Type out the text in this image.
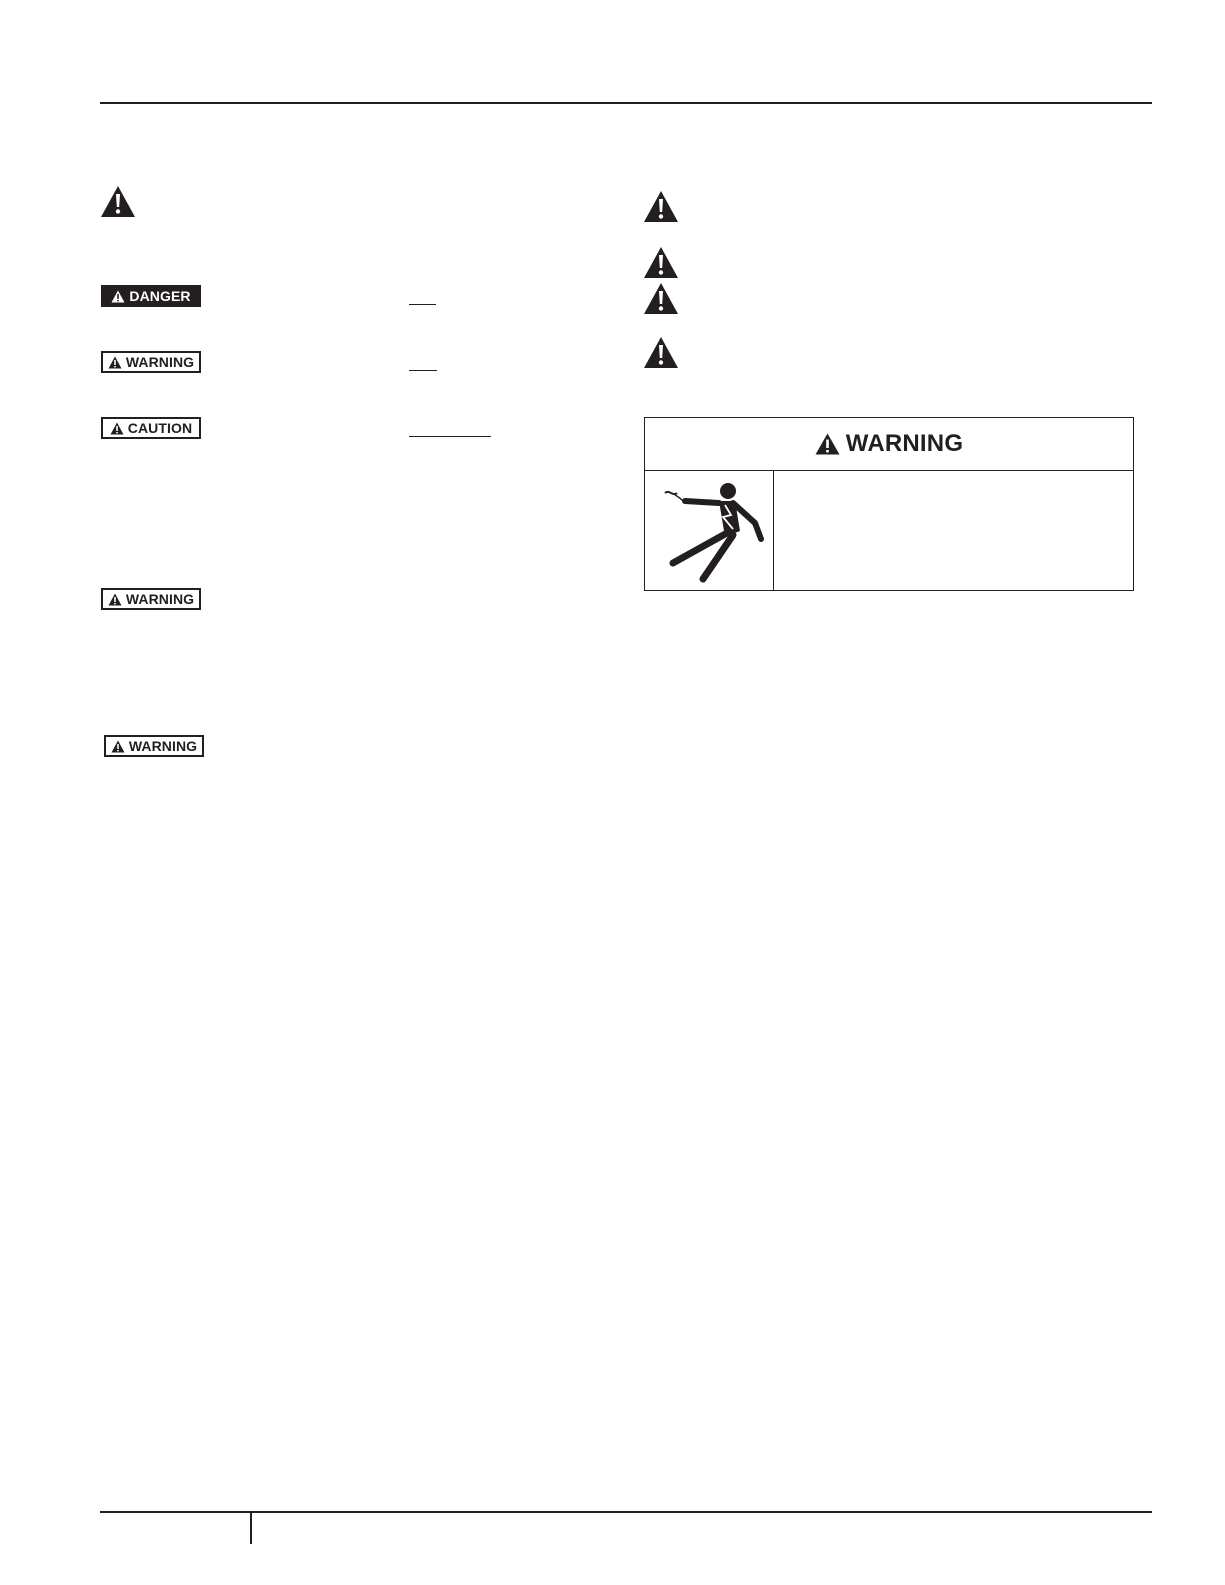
DANGER
WARNING
CAUTION
WARNING
WARNING
WARNING
